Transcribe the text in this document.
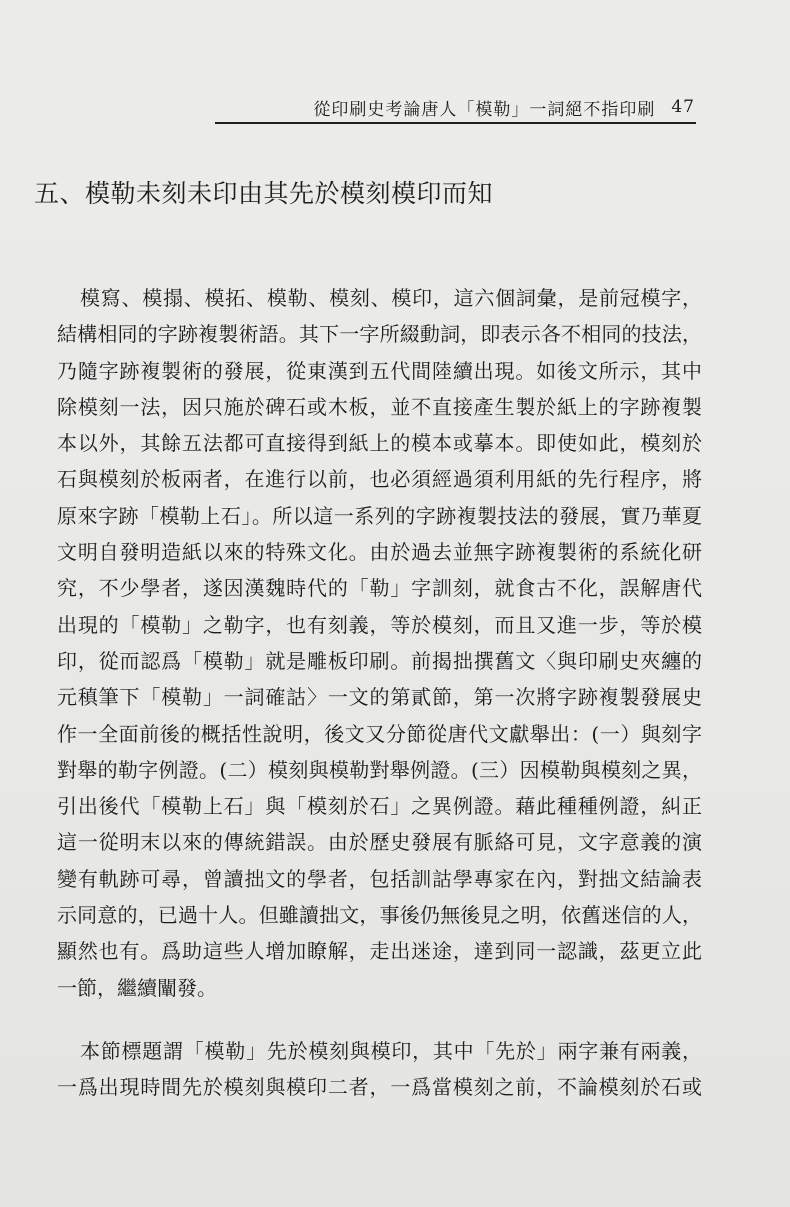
從印刷史考論唐人「模勒」一詞絕不指印刷 47
五、模勒未刻未印由其先於模刻模印而知
模寫、模搨、模拓、模勒、模刻、模印，這六個詞彙，是前冠模字，
結構相同的字跡複製術語。其下一字所綴動詞，即表示各不相同的技法，
乃隨字跡複製術的發展，從東漢到五代間陸續出現。如後文所示，其中
除模刻一法，因只施於碑石或木板，並不直接產生製於紙上的字跡複製
本以外，其餘五法都可直接得到紙上的模本或摹本。即使如此，模刻於
石與模刻於板兩者，在進行以前，也必須經過須利用紙的先行程序，將
原來字跡「模勒上石」。所以這一系列的字跡複製技法的發展，實乃華夏
文明自發明造紙以來的特殊文化。由於過去並無字跡複製術的系統化研
究，不少學者，遂因漢魏時代的「勒」字訓刻，就食古不化，誤解唐代
出現的「模勒」之勒字，也有刻義，等於模刻，而且又進一步，等於模
印，從而認爲「模勒」就是雕板印刷。前揭拙撰舊文〈與印刷史夾纏的
元稹筆下「模勒」一詞確詁〉一文的第貳節，第一次將字跡複製發展史
作一全面前後的概括性說明，後文又分節從唐代文獻舉出：(一）與刻字
對舉的勒字例證。(二）模刻與模勒對舉例證。(三）因模勒與模刻之異，
引出後代「模勒上石」與「模刻於石」之異例證。藉此種種例證，糾正
這一從明末以來的傳統錯誤。由於歷史發展有脈絡可見，文字意義的演
變有軌跡可尋，曾讀拙文的學者，包括訓詁學專家在內，對拙文結論表
示同意的，已過十人。但雖讀拙文，事後仍無後見之明，依舊迷信的人，
顯然也有。爲助這些人增加瞭解，走出迷途，達到同一認識，茲更立此
一節，繼續闡發。
本節標題謂「模勒」先於模刻與模印，其中「先於」兩字兼有兩義，
一爲出現時間先於模刻與模印二者，一爲當模刻之前，不論模刻於石或
